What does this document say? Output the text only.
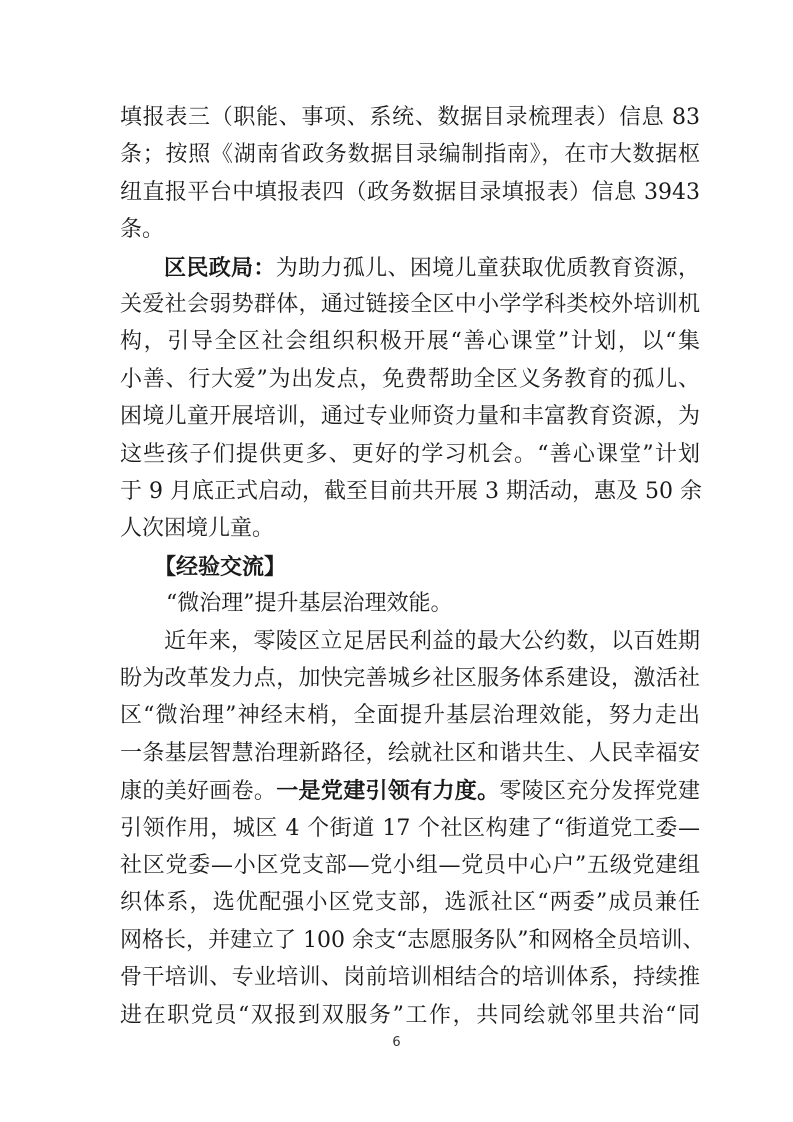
填报表三（职能、事项、系统、数据目录梳理表）信息 83
条；按照《湖南省政务数据目录编制指南》，在市大数据枢
纽直报平台中填报表四（政务数据目录填报表）信息 3943
条。
区民政局：为助力孤儿、困境儿童获取优质教育资源，
关爱社会弱势群体，通过链接全区中小学学科类校外培训机
构，引导全区社会组织积极开展“善心课堂”计划，以“集
小善、行大爱”为出发点，免费帮助全区义务教育的孤儿、
困境儿童开展培训，通过专业师资力量和丰富教育资源，为
这些孩子们提供更多、更好的学习机会。“善心课堂”计划
于 9 月底正式启动，截至目前共开展 3 期活动，惠及 50 余
人次困境儿童。
【经验交流】
“微治理”提升基层治理效能。
近年来，零陵区立足居民利益的最大公约数，以百姓期
盼为改革发力点，加快完善城乡社区服务体系建设，激活社
区“微治理”神经末梢，全面提升基层治理效能，努力走出
一条基层智慧治理新路径，绘就社区和谐共生、人民幸福安
康的美好画卷。一是党建引领有力度。零陵区充分发挥党建
引领作用，城区 4 个街道 17 个社区构建了“街道党工委—
社区党委—小区党支部—党小组—党员中心户”五级党建组
织体系，选优配强小区党支部，选派社区“两委”成员兼任
6
网格长，并建立了 100 余支“志愿服务队”和网格全员培训、
骨干培训、专业培训、岗前培训相结合的培训体系，持续推
进在职党员“双报到双服务”工作，共同绘就邻里共治“同
